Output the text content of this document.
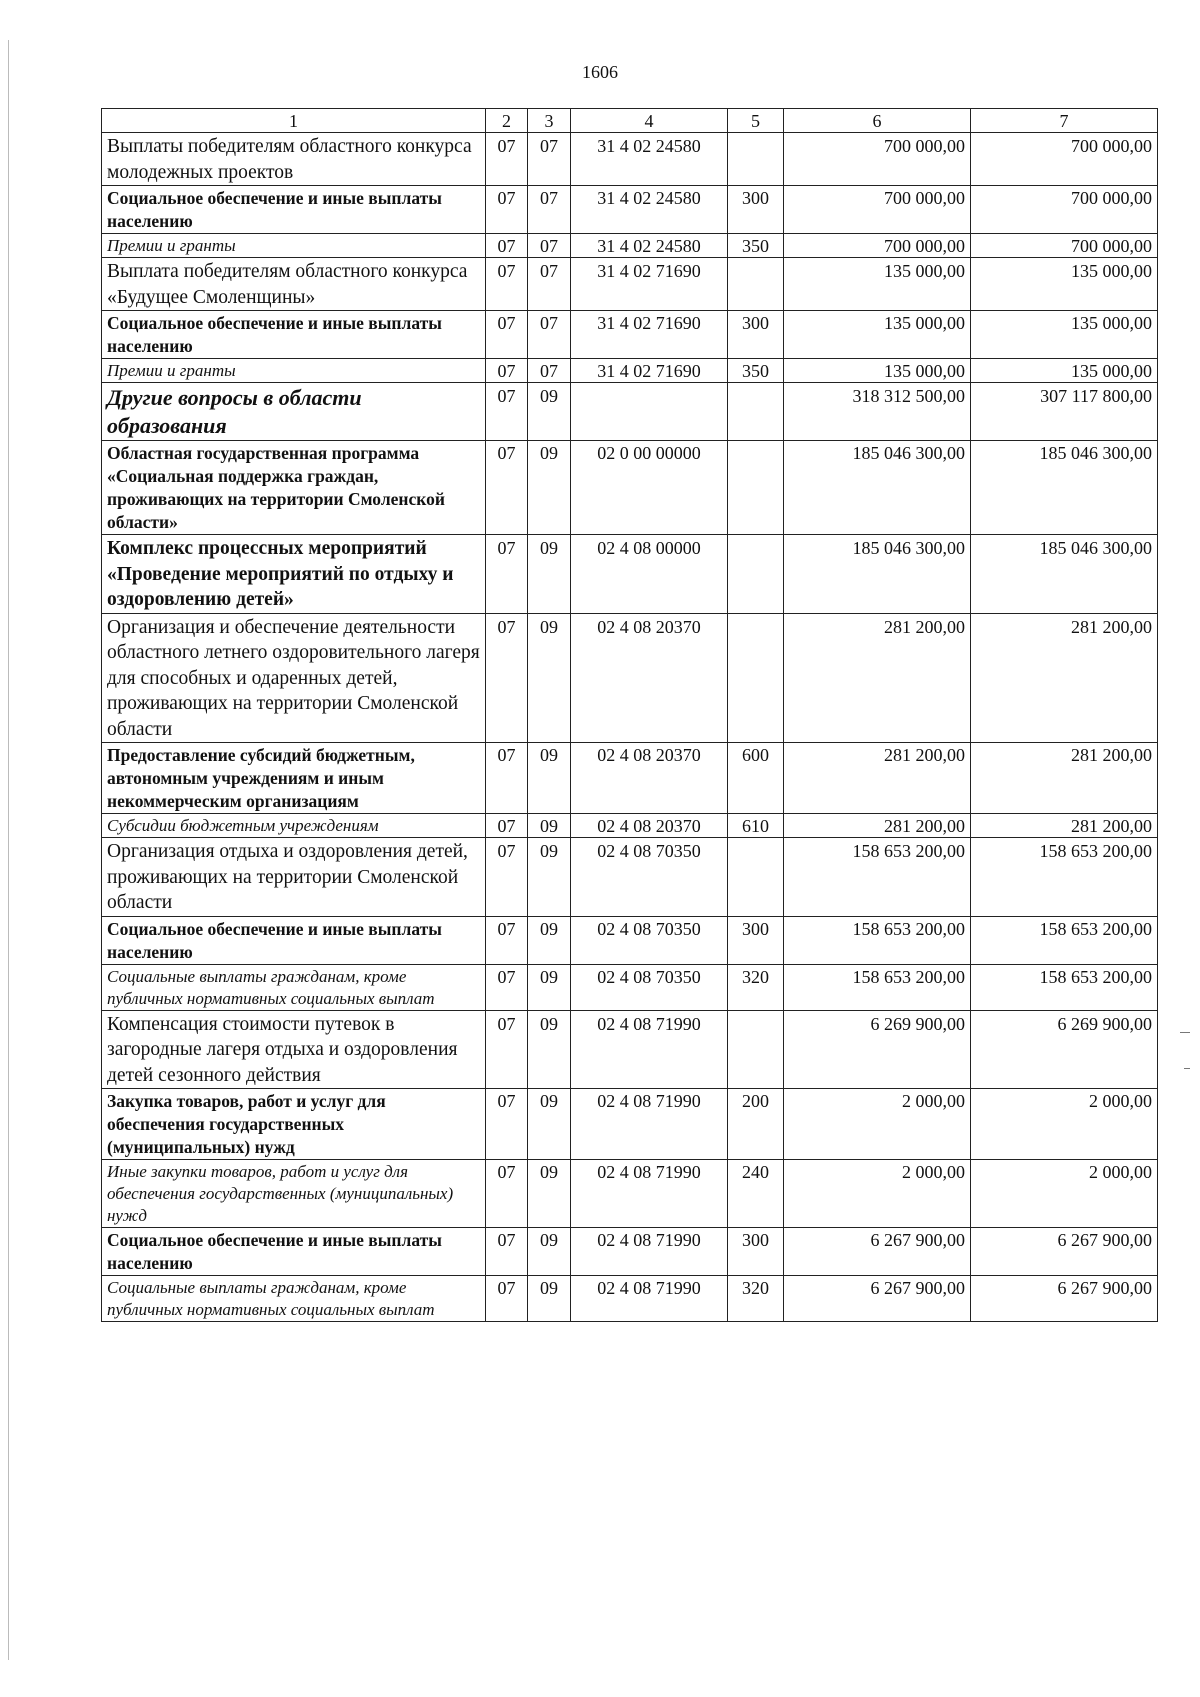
1606
1	2	3	4	5	6	7
Выплаты победителям областного конкурса молодежных проектов	07	07	31 4 02 24580		700 000,00	700 000,00
Социальное обеспечение и иные выплаты населению	07	07	31 4 02 24580	300	700 000,00	700 000,00
Премии и гранты	07	07	31 4 02 24580	350	700 000,00	700 000,00
Выплата победителям областного конкурса «Будущее Смоленщины»	07	07	31 4 02 71690		135 000,00	135 000,00
Социальное обеспечение и иные выплаты населению	07	07	31 4 02 71690	300	135 000,00	135 000,00
Премии и гранты	07	07	31 4 02 71690	350	135 000,00	135 000,00
Другие вопросы в области образования	07	09			318 312 500,00	307 117 800,00
Областная государственная программа «Социальная поддержка граждан, проживающих на территории Смоленской области»	07	09	02 0 00 00000		185 046 300,00	185 046 300,00
Комплекс процессных мероприятий «Проведение мероприятий по отдыху и оздоровлению детей»	07	09	02 4 08 00000		185 046 300,00	185 046 300,00
Организация и обеспечение деятельности областного летнего оздоровительного лагеря для способных и одаренных детей, проживающих на территории Смоленской области	07	09	02 4 08 20370		281 200,00	281 200,00
Предоставление субсидий бюджетным, автономным учреждениям и иным некоммерческим организациям	07	09	02 4 08 20370	600	281 200,00	281 200,00
Субсидии бюджетным учреждениям	07	09	02 4 08 20370	610	281 200,00	281 200,00
Организация отдыха и оздоровления детей, проживающих на территории Смоленской области	07	09	02 4 08 70350		158 653 200,00	158 653 200,00
Социальное обеспечение и иные выплаты населению	07	09	02 4 08 70350	300	158 653 200,00	158 653 200,00
Социальные выплаты гражданам, кроме публичных нормативных социальных выплат	07	09	02 4 08 70350	320	158 653 200,00	158 653 200,00
Компенсация стоимости путевок в загородные лагеря отдыха и оздоровления детей сезонного действия	07	09	02 4 08 71990		6 269 900,00	6 269 900,00
Закупка товаров, работ и услуг для обеспечения государственных (муниципальных) нужд	07	09	02 4 08 71990	200	2 000,00	2 000,00
Иные закупки товаров, работ и услуг для обеспечения государственных (муниципальных) нужд	07	09	02 4 08 71990	240	2 000,00	2 000,00
Социальное обеспечение и иные выплаты населению	07	09	02 4 08 71990	300	6 267 900,00	6 267 900,00
Социальные выплаты гражданам, кроме публичных нормативных социальных выплат	07	09	02 4 08 71990	320	6 267 900,00	6 267 900,00
